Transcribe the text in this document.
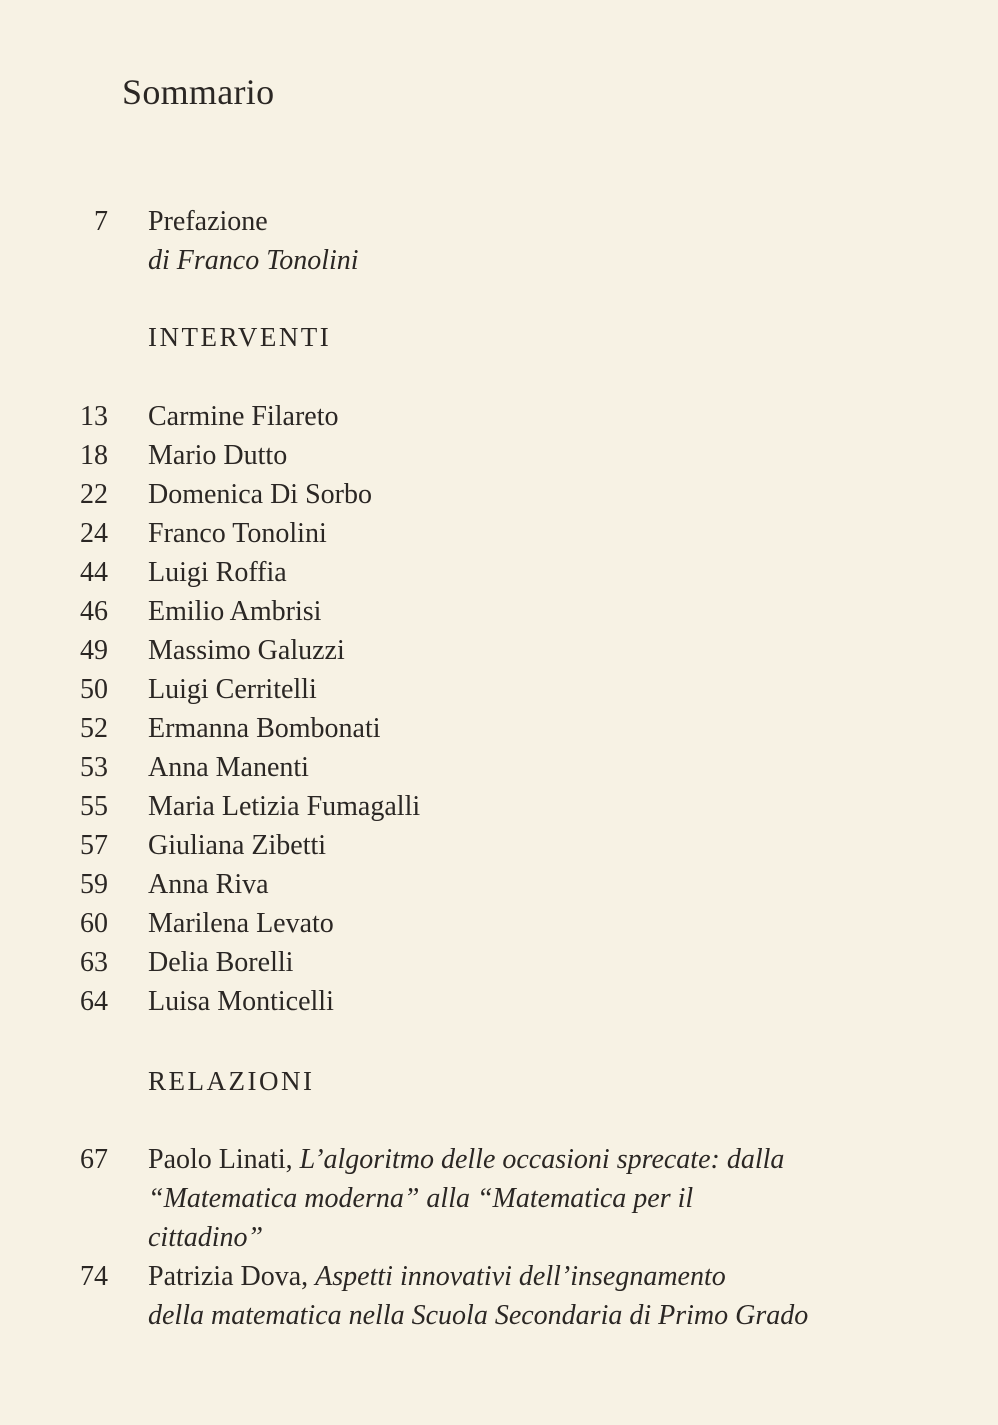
Sommario
7 Prefazione
di Franco Tonolini
INTERVENTI
13 Carmine Filareto
18 Mario Dutto
22 Domenica Di Sorbo
24 Franco Tonolini
44 Luigi Roffia
46 Emilio Ambrisi
49 Massimo Galuzzi
50 Luigi Cerritelli
52 Ermanna Bombonati
53 Anna Manenti
55 Maria Letizia Fumagalli
57 Giuliana Zibetti
59 Anna Riva
60 Marilena Levato
63 Delia Borelli
64 Luisa Monticelli
RELAZIONI
67 Paolo Linati, L’algoritmo delle occasioni sprecate: dalla
“Matematica moderna” alla “Matematica per il
cittadino”
74 Patrizia Dova, Aspetti innovativi dell’insegnamento
della matematica nella Scuola Secondaria di Primo Grado
